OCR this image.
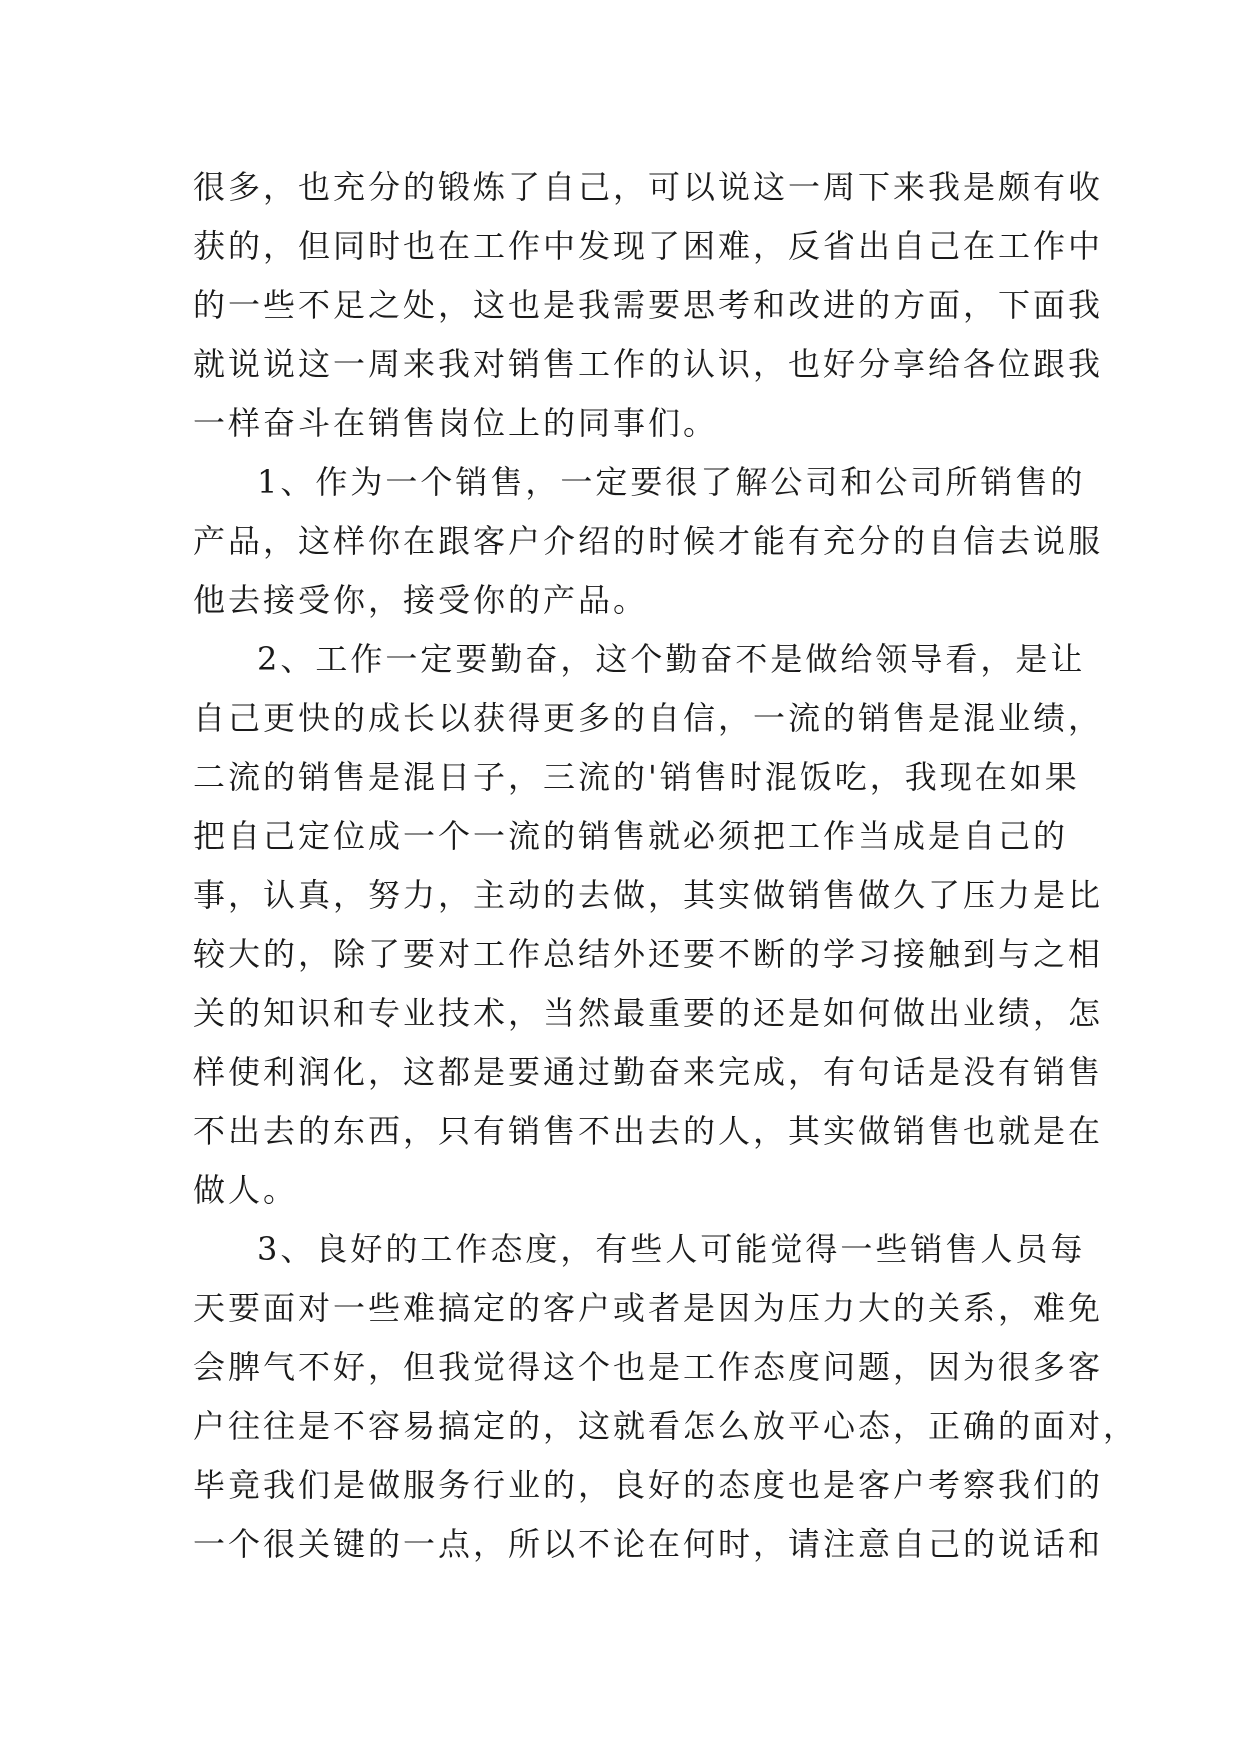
很多，也充分的锻炼了自己，可以说这一周下来我是颇有收
获的，但同时也在工作中发现了困难，反省出自己在工作中
的一些不足之处，这也是我需要思考和改进的方面，下面我
就说说这一周来我对销售工作的认识，也好分享给各位跟我
一样奋斗在销售岗位上的同事们。
1、作为一个销售，一定要很了解公司和公司所销售的
产品，这样你在跟客户介绍的时候才能有充分的自信去说服
他去接受你，接受你的产品。
2、工作一定要勤奋，这个勤奋不是做给领导看，是让
自己更快的成长以获得更多的自信，一流的销售是混业绩，
二流的销售是混日子，三流的'销售时混饭吃，我现在如果
把自己定位成一个一流的销售就必须把工作当成是自己的
事，认真，努力，主动的去做，其实做销售做久了压力是比
较大的，除了要对工作总结外还要不断的学习接触到与之相
关的知识和专业技术，当然最重要的还是如何做出业绩，怎
样使利润化，这都是要通过勤奋来完成，有句话是没有销售
不出去的东西，只有销售不出去的人，其实做销售也就是在
做人。
3、良好的工作态度，有些人可能觉得一些销售人员每
天要面对一些难搞定的客户或者是因为压力大的关系，难免
会脾气不好，但我觉得这个也是工作态度问题，因为很多客
户往往是不容易搞定的，这就看怎么放平心态，正确的面对，
毕竟我们是做服务行业的，良好的态度也是客户考察我们的
一个很关键的一点，所以不论在何时，请注意自己的说话和
